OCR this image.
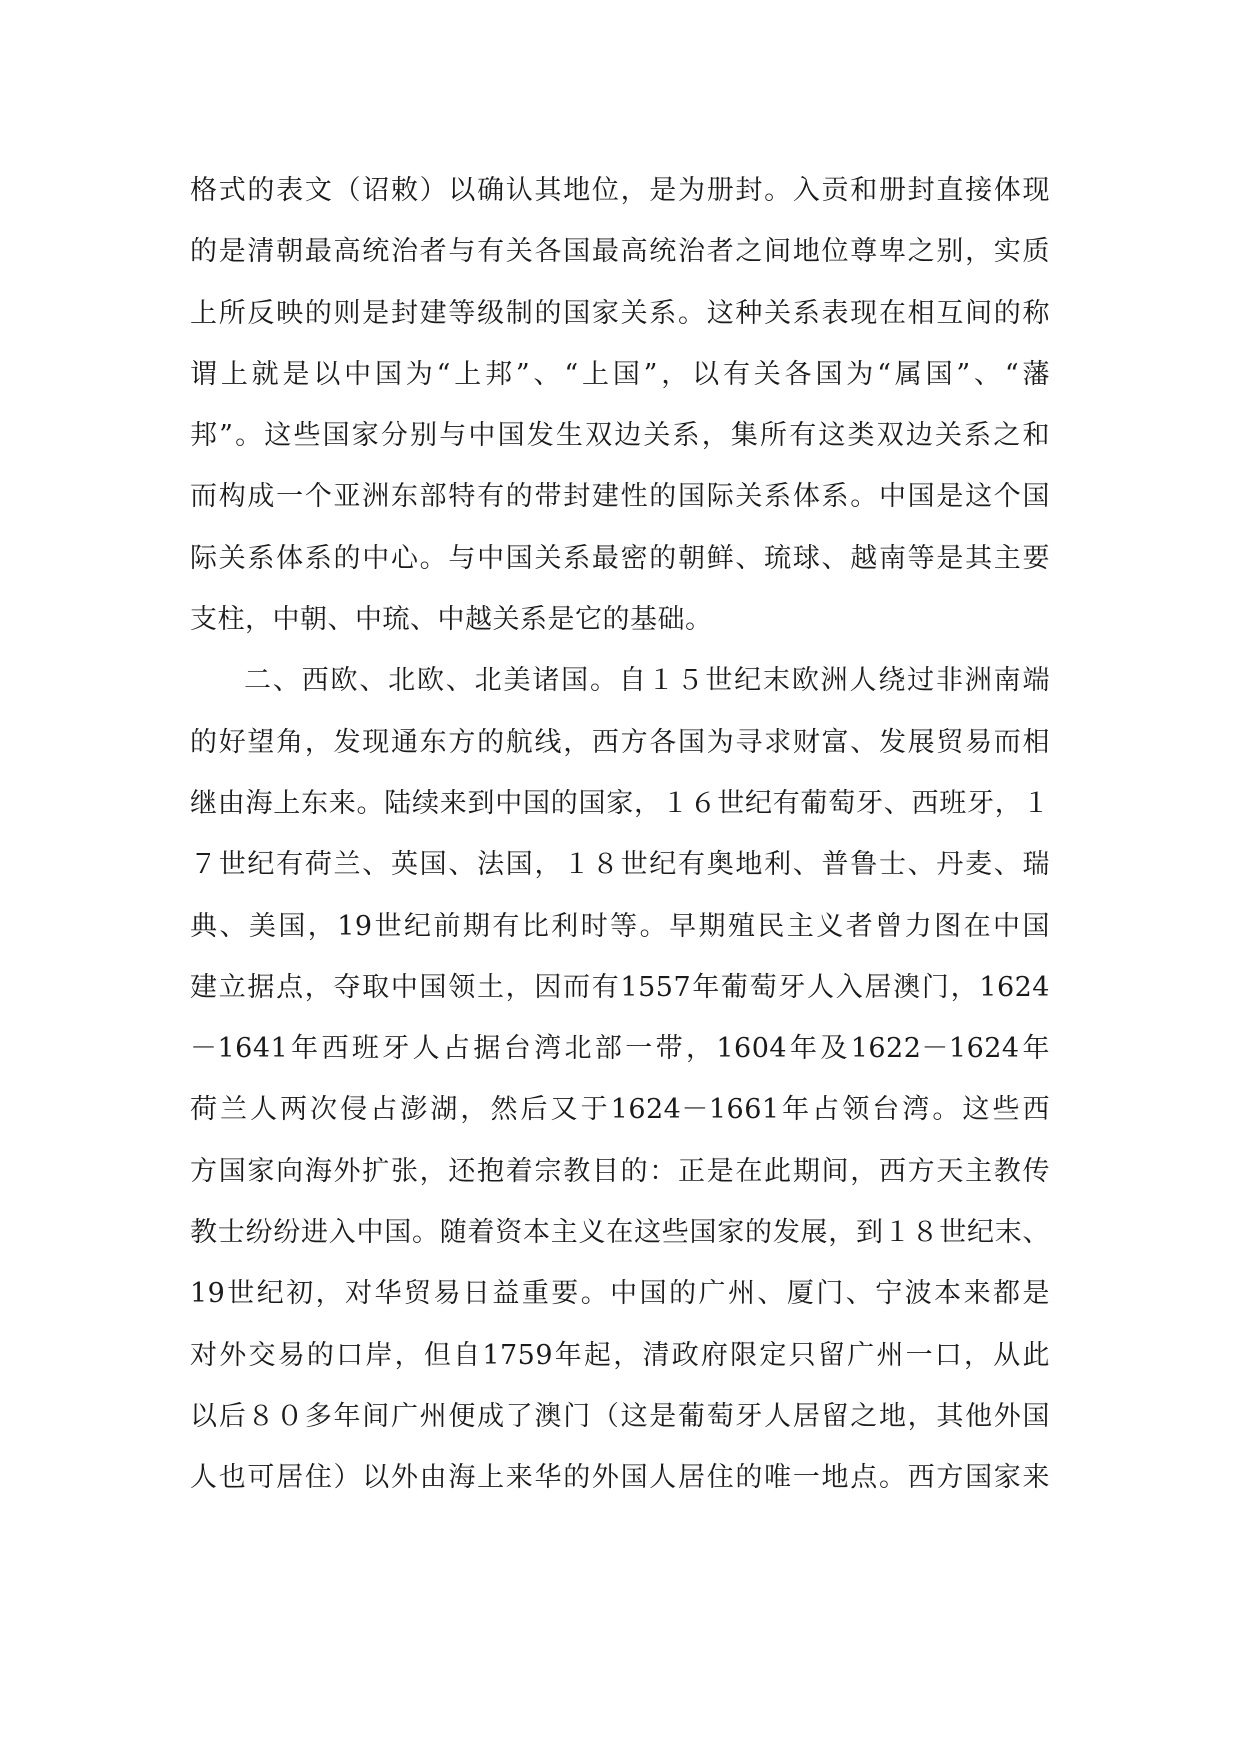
格式的表文（诏敕）以确认其地位，是为册封。入贡和册封直接体现
的是清朝最高统治者与有关各国最高统治者之间地位尊卑之别，实质
上所反映的则是封建等级制的国家关系。这种关系表现在相互间的称
谓上就是以中国为“上邦”、“上国”，以有关各国为“属国”、“藩
邦”。这些国家分别与中国发生双边关系，集所有这类双边关系之和
而构成一个亚洲东部特有的带封建性的国际关系体系。中国是这个国
际关系体系的中心。与中国关系最密的朝鲜、琉球、越南等是其主要
支柱，中朝、中琉、中越关系是它的基础。
二、西欧、北欧、北美诸国。自１５世纪末欧洲人绕过非洲南端
的好望角，发现通东方的航线，西方各国为寻求财富、发展贸易而相
继由海上东来。陆续来到中国的国家，１６世纪有葡萄牙、西班牙，１
７世纪有荷兰、英国、法国，１８世纪有奥地利、普鲁士、丹麦、瑞
典、美国，19世纪前期有比利时等。早期殖民主义者曾力图在中国
建立据点，夺取中国领土，因而有1557年葡萄牙人入居澳门，1624
－1641年西班牙人占据台湾北部一带，1604年及1622－1624年
荷兰人两次侵占澎湖，然后又于1624－1661年占领台湾。这些西
方国家向海外扩张，还抱着宗教目的：正是在此期间，西方天主教传
教士纷纷进入中国。随着资本主义在这些国家的发展，到１８世纪末、
19世纪初，对华贸易日益重要。中国的广州、厦门、宁波本来都是
对外交易的口岸，但自1759年起，清政府限定只留广州一口，从此
以后８０多年间广州便成了澳门（这是葡萄牙人居留之地，其他外国
人也可居住）以外由海上来华的外国人居住的唯一地点。西方国家来
